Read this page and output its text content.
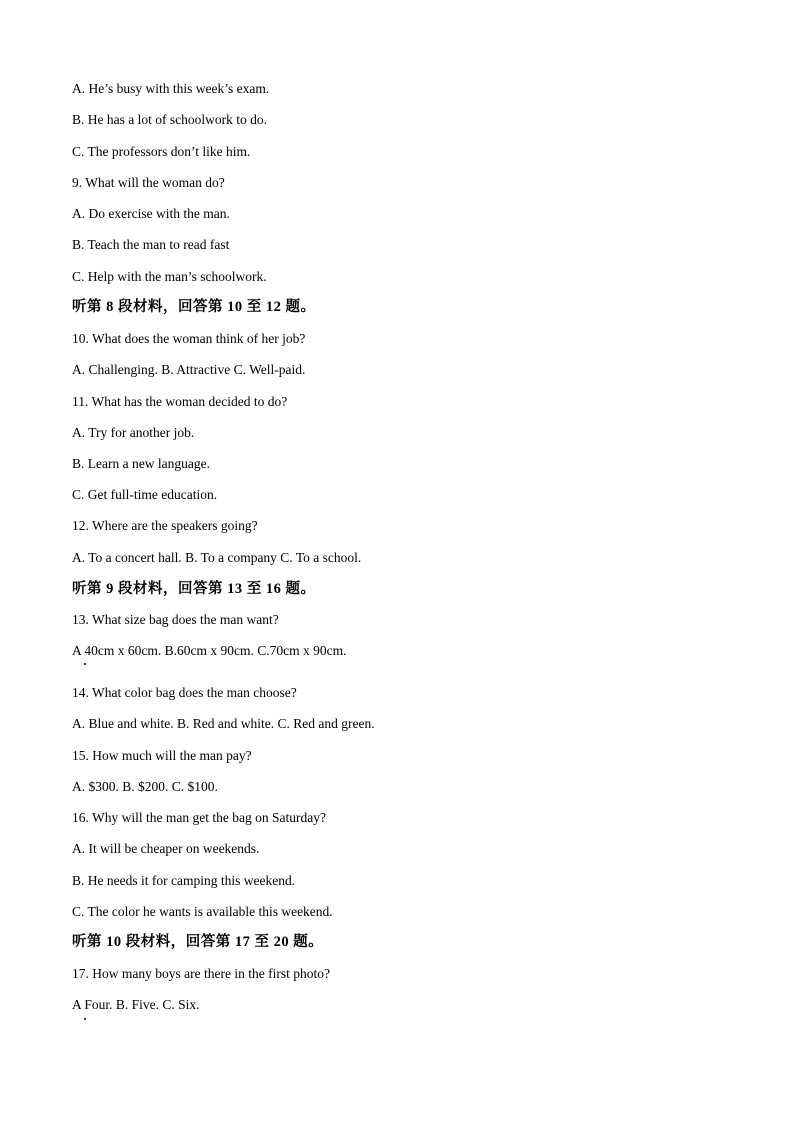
A. He’s busy with this week’s exam.
B. He has a lot of schoolwork to do.
C. The professors don’t like him.
9. What will the woman do?
A. Do exercise with the man.
B. Teach the man to read fast
C. Help with the man’s schoolwork.
听第 8 段材料，回答第 10 至 12 题。
10. What does the woman think of her job?
A. Challenging. B. Attractive C. Well-paid.
11. What has the woman decided to do?
A. Try for another job.
B. Learn a new language.
C. Get full-time education.
12. Where are the speakers going?
A. To a concert hall. B. To a company C. To a school.
听第 9 段材料，回答第 13 至 16 题。
13. What size bag does the man want?
A 40cm x 60cm. B.60cm x 90cm. C.70cm x 90cm.
14. What color bag does the man choose?
A. Blue and white. B. Red and white. C. Red and green.
15. How much will the man pay?
A. $300. B. $200. C. $100.
16. Why will the man get the bag on Saturday?
A. It will be cheaper on weekends.
B. He needs it for camping this weekend.
C. The color he wants is available this weekend.
听第 10 段材料，回答第 17 至 20 题。
17. How many boys are there in the first photo?
A Four. B. Five. C. Six.
